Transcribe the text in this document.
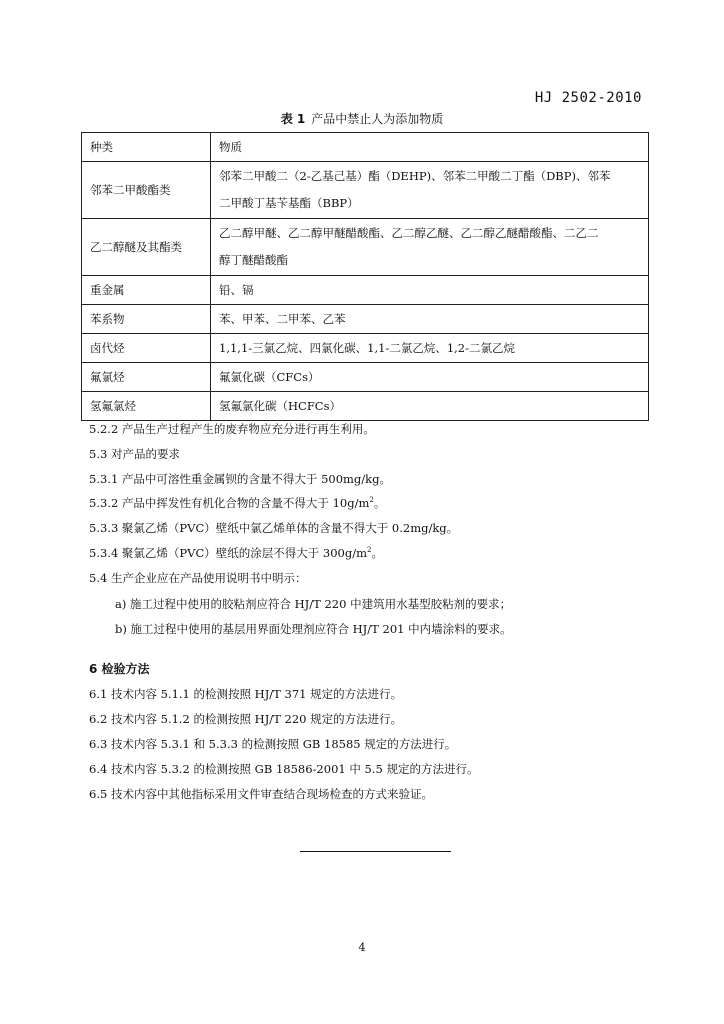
HJ 2502-2010
表 1 产品中禁止人为添加物质
种类	物质
邻苯二甲酸酯类	邻苯二甲酸二（2-乙基己基）酯（DEHP)、邻苯二甲酸二丁酯（DBP)、邻苯
二甲酸丁基苄基酯（BBP）

乙二醇醚及其酯类	乙二醇甲醚、乙二醇甲醚醋酸酯、乙二醇乙醚、乙二醇乙醚醋酸酯、二乙二
醇丁醚醋酸酯

重金属	铅、镉
苯系物	苯、甲苯、二甲苯、乙苯
卤代烃	1,1,1-三氯乙烷、四氯化碳、1,1-二氯乙烷、1,2-二氯乙烷
氟氯烃	氟氯化碳（CFCs）
氢氟氯烃	氢氟氯化碳（HCFCs）
5.2.2 产品生产过程产生的废弃物应充分进行再生利用。
5.3 对产品的要求
5.3.1 产品中可溶性重金属钡的含量不得大于 500mg/kg。
5.3.2 产品中挥发性有机化合物的含量不得大于 $10g/m^2$。
5.3.3 聚氯乙烯（PVC）壁纸中氯乙烯单体的含量不得大于 0.2mg/kg。
5.3.4 聚氯乙烯（PVC）壁纸的涂层不得大于 $300g/m^2$。
5.4 生产企业应在产品使用说明书中明示：
a) 施工过程中使用的胶粘剂应符合 HJ/T 220 中建筑用水基型胶粘剂的要求；
b) 施工过程中使用的基层用界面处理剂应符合 HJ/T 201 中内墙涂料的要求。
6 检验方法
6.1 技术内容 5.1.1 的检测按照 HJ/T 371 规定的方法进行。
6.2 技术内容 5.1.2 的检测按照 HJ/T 220 规定的方法进行。
6.3 技术内容 5.3.1 和 5.3.3 的检测按照 GB 18585 规定的方法进行。
6.4 技术内容 5.3.2 的检测按照 GB 18586-2001 中 5.5 规定的方法进行。
6.5 技术内容中其他指标采用文件审查结合现场检查的方式来验证。
4
